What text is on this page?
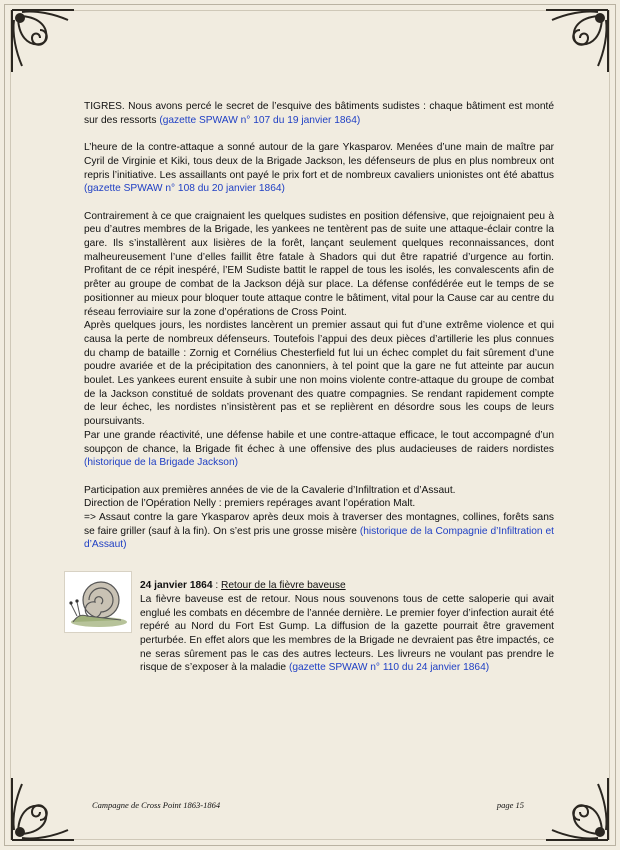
TIGRES. Nous avons percé le secret de l’esquive des bâtiments sudistes : chaque bâtiment est monté sur des ressorts (gazette SPWAW n° 107 du 19 janvier 1864)

L’heure de la contre-attaque a sonné autour de la gare Ykasparov. Menées d’une main de maître par Cyril de Virginie et Kiki, tous deux de la Brigade Jackson, les défenseurs de plus en plus nombreux ont repris l’initiative. Les assaillants ont payé le prix fort et de nombreux cavaliers unionistes ont été abattus (gazette SPWAW n° 108 du 20 janvier 1864)

Contrairement à ce que craignaient les quelques sudistes en position défensive, que rejoignaient peu à peu d’autres membres de la Brigade, les yankees ne tentèrent pas de suite une attaque-éclair contre la gare. Ils s’installèrent aux lisières de la forêt, lançant seulement quelques reconnaissances, dont malheureusement l’une d’elles faillit être fatale à Shadors qui dut être rapatrié d’urgence au fortin. Profitant de ce répit inespéré, l’EM Sudiste battit le rappel de tous les isolés, les convalescents afin de prêter au groupe de combat de la Jackson déjà sur place. La défense confédérée eut le temps de se positionner au mieux pour bloquer toute attaque contre le bâtiment, vital pour la Cause car au centre du réseau ferroviaire sur la zone d’opérations de Cross Point.

Après quelques jours, les nordistes lancèrent un premier assaut qui fut d’une extrême violence et qui causa la perte de nombreux défenseurs. Toutefois l’appui des deux pièces d’artillerie les plus connues du champ de bataille : Zornig et Cornélius Chesterfield fut lui un échec complet du fait sûrement d’une poudre avariée et de la précipitation des canonniers, à tel point que la gare ne fut atteinte par aucun boulet. Les yankees eurent ensuite à subir une non moins violente contre-attaque du groupe de combat de la Jackson constitué de soldats provenant des quatre compagnies. Se rendant rapidement compte de leur échec, les nordistes n’insistèrent pas et se replièrent en désordre sous les coups de leurs poursuivants.

Par une grande réactivité, une défense habile et une contre-attaque efficace, le tout accompagné d’un soupçon de chance, la Brigade fit échec à une offensive des plus audacieuses de raiders nordistes (historique de la Brigade Jackson)

Participation aux premières années de vie de la Cavalerie d’Infiltration et d’Assaut.

Direction de l’Opération Nelly : premiers repérages avant l’opération Malt.

=> Assaut contre la gare Ykasparov après deux mois à traverser des montagnes, collines, forêts sans se faire griller (sauf à la fin). On s’est pris une grosse misère (historique de la Compagnie d’Infiltration et d’Assaut)

24 janvier 1864 : Retour de la fièvre baveuse

La fièvre baveuse est de retour. Nous nous souvenons tous de cette saloperie qui avait englué les combats en décembre de l’année dernière. Le premier foyer d’infection aurait été repéré au Nord du Fort Est Gump. La diffusion de la gazette pourrait être gravement perturbée. En effet alors que les membres de la Brigade ne devraient pas être impactés, ce ne seras sûrement pas le cas des autres lecteurs. Les livreurs ne voulant pas prendre le risque de s’exposer à la maladie (gazette SPWAW n° 110 du 24 janvier 1864)

Campagne de Cross Point 1863-1864	page 15
